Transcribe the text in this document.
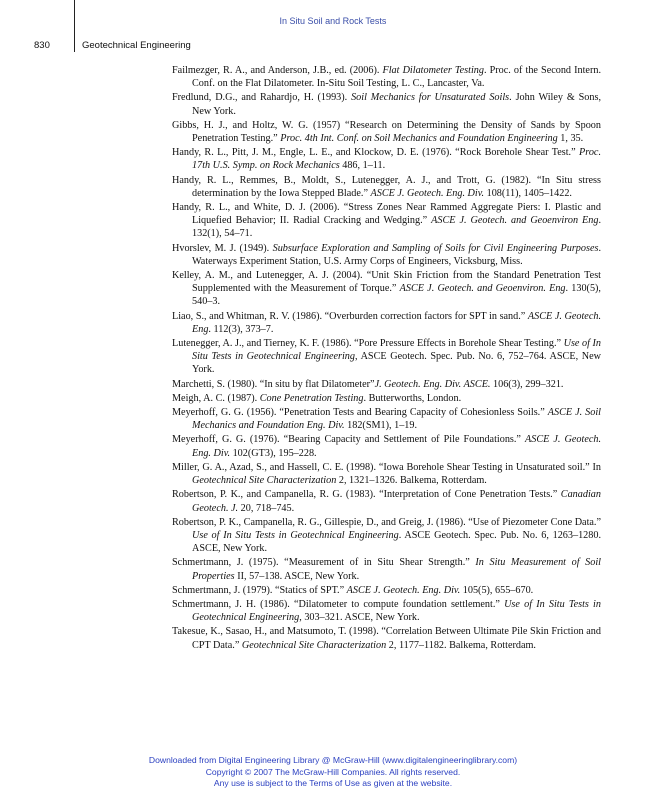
In Situ Soil and Rock Tests
830	Geotechnical Engineering
Failmezger, R. A., and Anderson, J.B., ed. (2006). Flat Dilatometer Testing. Proc. of the Second Intern. Conf. on the Flat Dilatometer. In-Situ Soil Testing, L. C., Lancaster, Va.
Fredlund, D.G., and Rahardjo, H. (1993). Soil Mechanics for Unsaturated Soils. John Wiley & Sons, New York.
Gibbs, H. J., and Holtz, W. G. (1957) “Research on Determining the Density of Sands by Spoon Penetration Testing.” Proc. 4th Int. Conf. on Soil Mechanics and Foundation Engineering 1, 35.
Handy, R. L., Pitt, J. M., Engle, L. E., and Klockow, D. E. (1976). “Rock Borehole Shear Test.” Proc. 17th U.S. Symp. on Rock Mechanics 486, 1–11.
Handy, R. L., Remmes, B., Moldt, S., Lutenegger, A. J., and Trott, G. (1982). “In Situ stress determination by the Iowa Stepped Blade.” ASCE J. Geotech. Eng. Div. 108(11), 1405–1422.
Handy, R. L., and White, D. J. (2006). “Stress Zones Near Rammed Aggregate Piers: I. Plastic and Liquefied Behavior; II. Radial Cracking and Wedging.” ASCE J. Geotech. and Geoenviron Eng. 132(1), 54–71.
Hvorslev, M. J. (1949). Subsurface Exploration and Sampling of Soils for Civil Engineering Purposes. Waterways Experiment Station, U.S. Army Corps of Engineers, Vicksburg, Miss.
Kelley, A. M., and Lutenegger, A. J. (2004). “Unit Skin Friction from the Standard Penetration Test Supplemented with the Measurement of Torque.” ASCE J. Geotech. and Geoenviron. Eng. 130(5), 540–3.
Liao, S., and Whitman, R. V. (1986). “Overburden correction factors for SPT in sand.” ASCE J. Geotech. Eng. 112(3), 373–7.
Lutenegger, A. J., and Tierney, K. F. (1986). “Pore Pressure Effects in Borehole Shear Testing.” Use of In Situ Tests in Geotechnical Engineering, ASCE Geotech. Spec. Pub. No. 6, 752–764. ASCE, New York.
Marchetti, S. (1980). “In situ by flat Dilatometer”J. Geotech. Eng. Div. ASCE. 106(3), 299–321.
Meigh, A. C. (1987). Cone Penetration Testing. Butterworths, London.
Meyerhoff, G. G. (1956). “Penetration Tests and Bearing Capacity of Cohesionless Soils.” ASCE J. Soil Mechanics and Foundation Eng. Div. 182(SM1), 1–19.
Meyerhoff, G. G. (1976). “Bearing Capacity and Settlement of Pile Foundations.” ASCE J. Geotech. Eng. Div. 102(GT3), 195–228.
Miller, G. A., Azad, S., and Hassell, C. E. (1998). “Iowa Borehole Shear Testing in Unsaturated soil.” In Geotechnical Site Characterization 2, 1321–1326. Balkema, Rotterdam.
Robertson, P. K., and Campanella, R. G. (1983). “Interpretation of Cone Penetration Tests.” Canadian Geotech. J. 20, 718–745.
Robertson, P. K., Campanella, R. G., Gillespie, D., and Greig, J. (1986). “Use of Piezometer Cone Data.” Use of In Situ Tests in Geotechnical Engineering. ASCE Geotech. Spec. Pub. No. 6, 1263–1280. ASCE, New York.
Schmertmann, J. (1975). “Measurement of in Situ Shear Strength.” In Situ Measurement of Soil Properties II, 57–138. ASCE, New York.
Schmertmann, J. (1979). “Statics of SPT.” ASCE J. Geotech. Eng. Div. 105(5), 655–670.
Schmertmann, J. H. (1986). “Dilatometer to compute foundation settlement.” Use of In Situ Tests in Geotechnical Engineering, 303–321. ASCE, New York.
Takesue, K., Sasao, H., and Matsumoto, T. (1998). “Correlation Between Ultimate Pile Skin Friction and CPT Data.” Geotechnical Site Characterization 2, 1177–1182. Balkema, Rotterdam.
Downloaded from Digital Engineering Library @ McGraw-Hill (www.digitalengineeringlibrary.com)
Copyright © 2007 The McGraw-Hill Companies. All rights reserved.
Any use is subject to the Terms of Use as given at the website.
